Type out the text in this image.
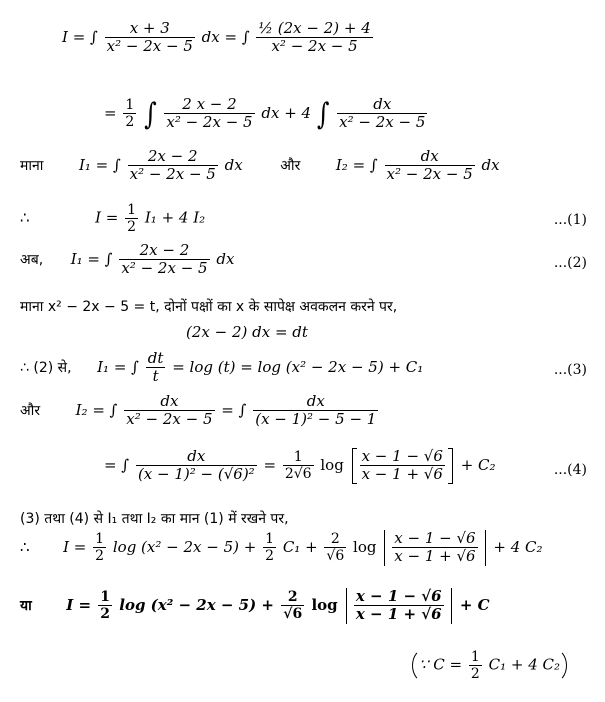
I = ∫ $\frac{x + 3}{\text{x² − 2x − 5}}$ dx = ∫ $\frac{\text{½ (2x − 2) + 4}}{\text{x² − 2x − 5}}$
= $\frac{1}{2}$ ∫ $\frac{2 x - 2}{\text{x² − 2x − 5}}$ dx + 4 ∫ $\frac{dx}{\text{x² − 2x − 5}}$
माना I₁ = ∫ $\frac{2x - 2}{\text{x² − 2x − 5}}$ dx	और I₂ = ∫ $\frac{dx}{\text{x² − 2x − 5}}$ dx
∴	$I = \frac{1}{2} I_1 + 4$ I₂	...(1)
अब, I₁ = ∫ $\frac{2x - 2}{\text{x² − 2x − 5}}$ dx	...(2)
माना x² − 2x − 5 = t, दोनों पक्षों का x के सापेक्ष अवकलन करने पर,
(2x − 2) dx = dt
∴ (2) से, I₁ = ∫ $\frac{dt}{t} = \log (t) = \log (x^2 - 2x - 5) + C_1$	...(3)
और I₂ = ∫ $\frac{dx}{\text{x² − 2x − 5}}$ = ∫ $\frac{dx}{\text{(x − 1)² − 5 − 1}}$
= ∫ $\frac{dx}{\text{(x − 1)² − (√6)²}} = \frac{1}{2√6}$ $\log \frac{x - 1 - √6}{x - 1 + √6} + C_2$	...(4)
(3) तथा (4) से I₁ तथा I₂ का मान (1) में रखने पर,
∴ $I = \frac{1}{2}$ $\log (x^2 - 2x - 5) + \frac{1}{2} C_1 + \frac{2}{√6}$ $\log \frac{x - 1 - √6}{x - 1 + √6} + 4$ C₂
या $I = \frac{1}{2}$ $\log (x^2 - 2x - 5) + \frac{2}{√6}$ $\log \frac{x - 1 - √6}{x - 1 + √6} + C$
∵ $C = \frac{1}{2} C_1 + 4$ C₂
